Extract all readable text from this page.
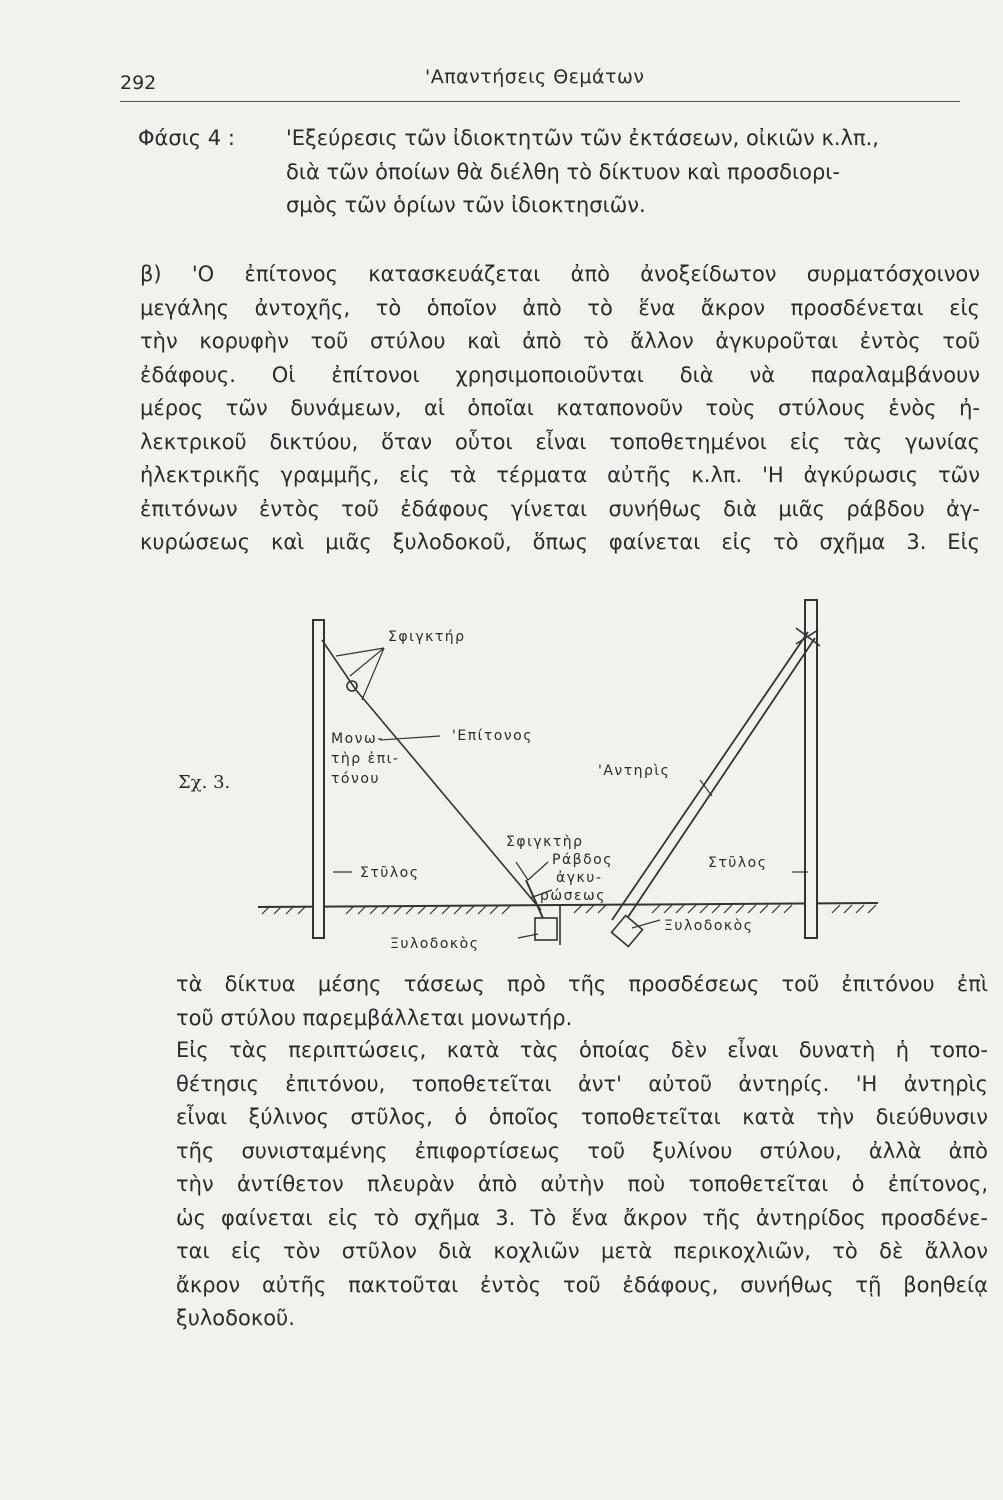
292	'Απαντήσεις Θεμάτων
Φάσις 4 : 'Εξεύρεσις τῶν ἰδιοκτητῶν τῶν ἐκτάσεων, οἰκιῶν κ.λπ.,
διὰ τῶν ὁποίων θὰ διέλθη τὸ δίκτυον καὶ προσδιορι-
σμὸς τῶν ὁρίων τῶν ἰδιοκτησιῶν.
β) 'Ο ἐπίτονος κατασκευάζεται ἀπὸ ἀνοξείδωτον συρματόσχοινον
μεγάλης ἀντοχῆς, τὸ ὁποῖον ἀπὸ τὸ ἕνα ἄκρον προσδένεται εἰς
τὴν κορυφὴν τοῦ στύλου καὶ ἀπὸ τὸ ἄλλον ἀγκυροῦται ἐντὸς τοῦ
ἐδάφους. Οἱ ἐπίτονοι χρησιμοποιοῦνται διὰ νὰ παραλαμβάνουν
μέρος τῶν δυνάμεων, αἱ ὁποῖαι καταπονοῦν τοὺς στύλους ἑνὸς ἠ-
λεκτρικοῦ δικτύου, ὅταν οὗτοι εἶναι τοποθετημένοι εἰς τὰς γωνίας
ἠλεκτρικῆς γραμμῆς, εἰς τὰ τέρματα αὐτῆς κ.λπ. 'Η ἀγκύρωσις τῶν
ἐπιτόνων ἐντὸς τοῦ ἐδάφους γίνεται συνήθως διὰ μιᾶς ράβδου ἀγ-
κυρώσεως καὶ μιᾶς ξυλοδοκοῦ, ὅπως φαίνεται εἰς τὸ σχῆμα 3. Εἰς
Σχ. 3.
Σφιγκτήρ
Μονω-
τὴρ ἐπι-
τόνου
'Επίτονος
'Αντηρὶς
Στῦλος
Σφιγκτὴρ
Ράβδος
ἀγκυ-
ρώσεως
Στῦλος
Ξυλοδοκὸς
Ξυλοδοκὸς
τὰ δίκτυα μέσης τάσεως πρὸ τῆς προσδέσεως τοῦ ἐπιτόνου ἐπὶ
τοῦ στύλου παρεμβάλλεται μονωτήρ.
Εἰς τὰς περιπτώσεις, κατὰ τὰς ὁποίας δὲν εἶναι δυνατὴ ἡ τοπο-
θέτησις ἐπιτόνου, τοποθετεῖται ἀντ' αὐτοῦ ἀντηρίς. 'Η ἀντηρὶς
εἶναι ξύλινος στῦλος, ὁ ὁποῖος τοποθετεῖται κατὰ τὴν διεύθυνσιν
τῆς συνισταμένης ἐπιφορτίσεως τοῦ ξυλίνου στύλου, ἀλλὰ ἀπὸ
τὴν ἀντίθετον πλευρὰν ἀπὸ αὐτὴν ποὺ τοποθετεῖται ὁ ἐπίτονος,
ὡς φαίνεται εἰς τὸ σχῆμα 3. Τὸ ἕνα ἄκρον τῆς ἀντηρίδος προσδένε-
ται εἰς τὸν στῦλον διὰ κοχλιῶν μετὰ περικοχλιῶν, τὸ δὲ ἄλλον
ἄκρον αὐτῆς πακτοῦται ἐντὸς τοῦ ἐδάφους, συνήθως τῇ βοηθείᾳ
ξυλοδοκοῦ.
